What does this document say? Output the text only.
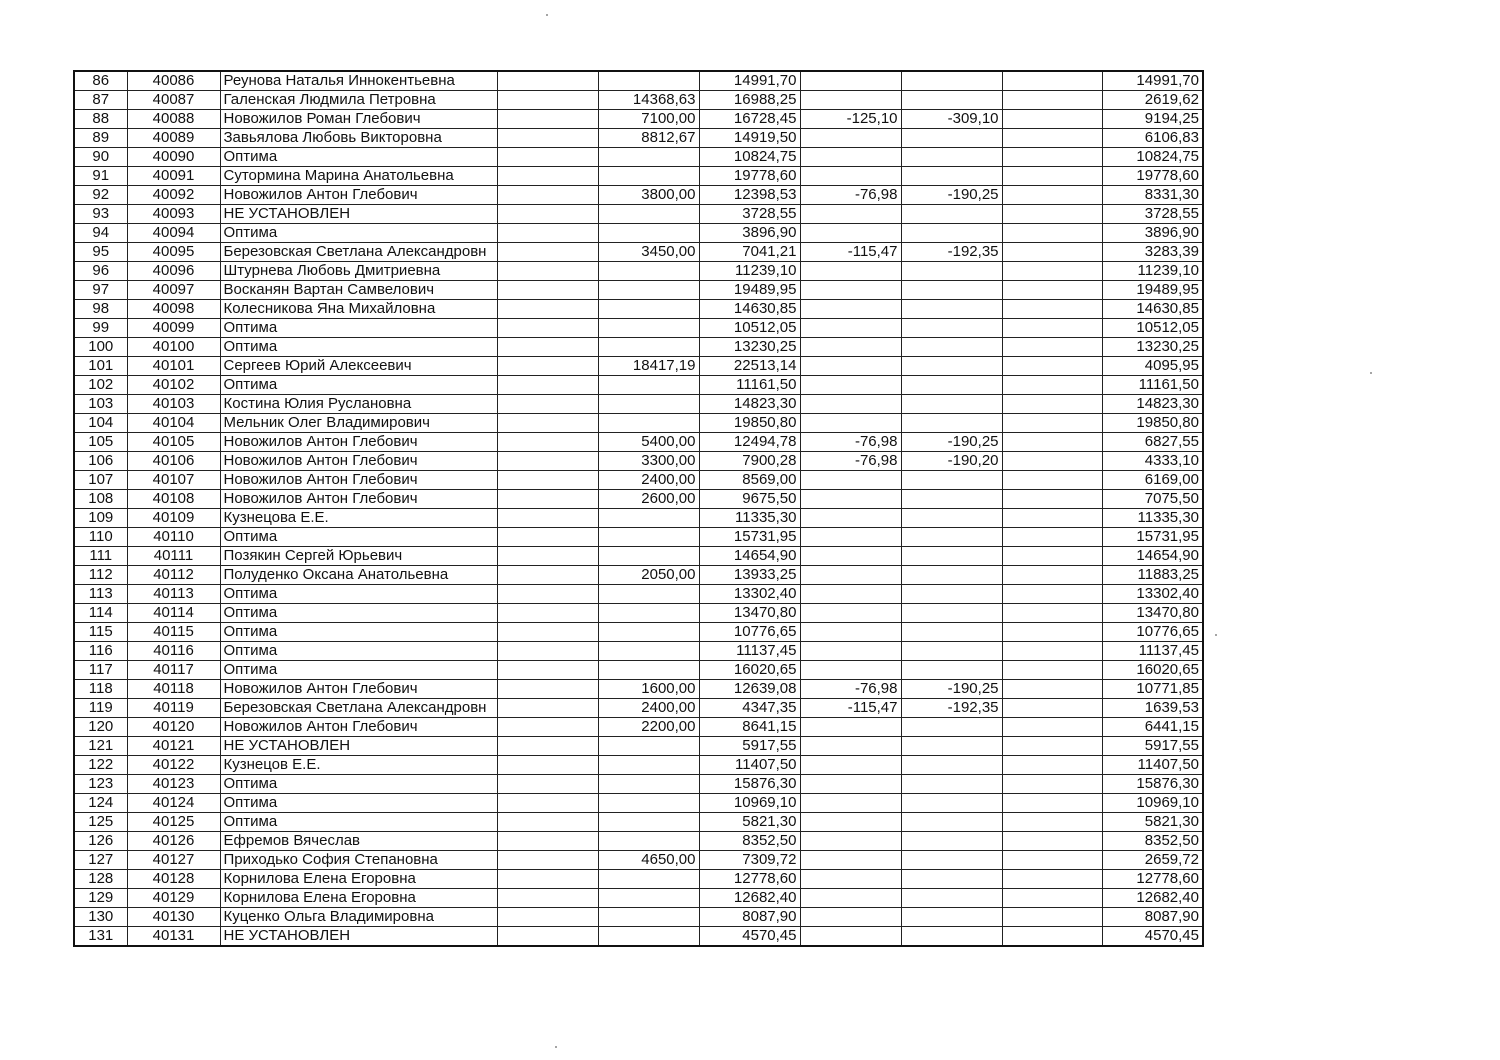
86	40086	Реунова Наталья Иннокентьевна			14991,70				14991,70
87	40087	Галенская Людмила Петровна		14368,63	16988,25				2619,62
88	40088	Новожилов Роман Глебович		7100,00	16728,45	-125,10	-309,10		9194,25
89	40089	Завьялова Любовь Викторовна		8812,67	14919,50				6106,83
90	40090	Оптима			10824,75				10824,75
91	40091	Сутормина Марина Анатольевна			19778,60				19778,60
92	40092	Новожилов Антон Глебович		3800,00	12398,53	-76,98	-190,25		8331,30
93	40093	НЕ УСТАНОВЛЕН			3728,55				3728,55
94	40094	Оптима			3896,90				3896,90
95	40095	Березовская Светлана Александровн		3450,00	7041,21	-115,47	-192,35		3283,39
96	40096	Штурнева Любовь Дмитриевна			11239,10				11239,10
97	40097	Восканян Вартан Самвелович			19489,95				19489,95
98	40098	Колесникова Яна Михайловна			14630,85				14630,85
99	40099	Оптима			10512,05				10512,05
100	40100	Оптима			13230,25				13230,25
101	40101	Сергеев Юрий Алексеевич		18417,19	22513,14				4095,95
102	40102	Оптима			11161,50				11161,50
103	40103	Костина Юлия Руслановна			14823,30				14823,30
104	40104	Мельник Олег Владимирович			19850,80				19850,80
105	40105	Новожилов Антон Глебович		5400,00	12494,78	-76,98	-190,25		6827,55
106	40106	Новожилов Антон Глебович		3300,00	7900,28	-76,98	-190,20		4333,10
107	40107	Новожилов Антон Глебович		2400,00	8569,00				6169,00
108	40108	Новожилов Антон Глебович		2600,00	9675,50				7075,50
109	40109	Кузнецова Е.Е.			11335,30				11335,30
110	40110	Оптима			15731,95				15731,95
111	40111	Позякин Сергей Юрьевич			14654,90				14654,90
112	40112	Полуденко Оксана Анатольевна		2050,00	13933,25				11883,25
113	40113	Оптима			13302,40				13302,40
114	40114	Оптима			13470,80				13470,80
115	40115	Оптима			10776,65				10776,65
116	40116	Оптима			11137,45				11137,45
117	40117	Оптима			16020,65				16020,65
118	40118	Новожилов Антон Глебович		1600,00	12639,08	-76,98	-190,25		10771,85
119	40119	Березовская Светлана Александровн		2400,00	4347,35	-115,47	-192,35		1639,53
120	40120	Новожилов Антон Глебович		2200,00	8641,15				6441,15
121	40121	НЕ УСТАНОВЛЕН			5917,55				5917,55
122	40122	Кузнецов Е.Е.			11407,50				11407,50
123	40123	Оптима			15876,30				15876,30
124	40124	Оптима			10969,10				10969,10
125	40125	Оптима			5821,30				5821,30
126	40126	Ефремов Вячеслав			8352,50				8352,50
127	40127	Приходько София Степановна		4650,00	7309,72				2659,72
128	40128	Корнилова Елена Егоровна			12778,60				12778,60
129	40129	Корнилова Елена Егоровна			12682,40				12682,40
130	40130	Куценко Ольга Владимировна			8087,90				8087,90
131	40131	НЕ УСТАНОВЛЕН			4570,45				4570,45
